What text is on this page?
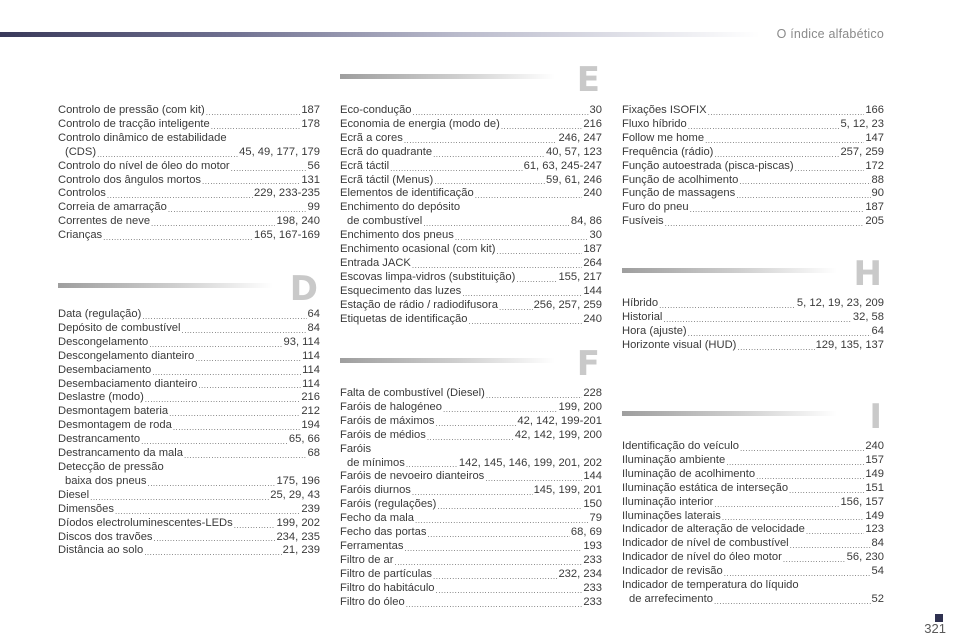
O índice alfabético
Controlo de pressão (com kit) .....	187
Controlo de tracção inteligente .....	178
Controlo dinâmico de estabilidade
(CDS) .....	45, 49, 177, 179
Controlo do nível de óleo do motor .....	56
Controlo dos ângulos mortos .....	131
Controlos .....	229, 233-235
Correia de amarração .....	99
Correntes de neve .....	198, 240
Crianças .....	165, 167-169
D
Data (regulação) .....	64
Depósito de combustível .....	84
Descongelamento .....	93, 114
Descongelamento dianteiro .....	114
Desembaciamento .....	114
Desembaciamento dianteiro .....	114
Deslastre (modo) .....	216
Desmontagem bateria .....	212
Desmontagem de roda .....	194
Destrancamento .....	65, 66
Destrancamento da mala .....	68
Detecção de pressão
baixa dos pneus .....	175, 196
Diesel .....	25, 29, 43
Dimensões .....	239
Díodos electroluminescentes-LEDs .....	199, 202
Discos dos travões .....	234, 235
Distância ao solo .....	21, 239
E
Eco-condução .....	30
Economia de energia (modo de) .....	216
Ecrã a cores .....	246, 247
Ecrã do quadrante .....	40, 57, 123
Ecrã táctil .....	61, 63, 245-247
Ecrã táctil (Menus) .....	59, 61, 246
Elementos de identificação .....	240
Enchimento do depósito
de combustível .....	84, 86
Enchimento dos pneus .....	30
Enchimento ocasional (com kit) .....	187
Entrada JACK .....	264
Escovas limpa-vidros (substituição) .....	155, 217
Esquecimento das luzes .....	144
Estação de rádio / radiodifusora .....	256, 257, 259
Etiquetas de identificação .....	240
F
Falta de combustível (Diesel) .....	228
Faróis de halogéneo .....	199, 200
Faróis de máximos .....	42, 142, 199-201
Faróis de médios .....	42, 142, 199, 200
Faróis
de mínimos .....	142, 145, 146, 199, 201, 202
Faróis de nevoeiro dianteiros .....	144
Faróis diurnos .....	145, 199, 201
Faróis (regulações) .....	150
Fecho da mala .....	79
Fecho das portas .....	68, 69
Ferramentas .....	193
Filtro de ar .....	233
Filtro de partículas .....	232, 234
Filtro do habitáculo .....	233
Filtro do óleo .....	233
Fixações ISOFIX .....	166
Fluxo híbrido .....	5, 12, 23
Follow me home .....	147
Frequência (rádio) .....	257, 259
Função autoestrada (pisca-piscas) .....	172
Função de acolhimento .....	88
Função de massagens .....	90
Furo do pneu .....	187
Fusíveis .....	205
H
Híbrido .....	5, 12, 19, 23, 209
Historial .....	32, 58
Hora (ajuste) .....	64
Horizonte visual (HUD) .....	129, 135, 137
I
Identificação do veículo .....	240
Iluminação ambiente .....	157
Iluminação de acolhimento .....	149
Iluminação estática de interseção .....	151
Iluminação interior .....	156, 157
Iluminações laterais .....	149
Indicador de alteração de velocidade .....	123
Indicador de nível de combustível .....	84
Indicador de nível do óleo motor .....	56, 230
Indicador de revisão .....	54
Indicador de temperatura do líquido
de arrefecimento .....	52
321
